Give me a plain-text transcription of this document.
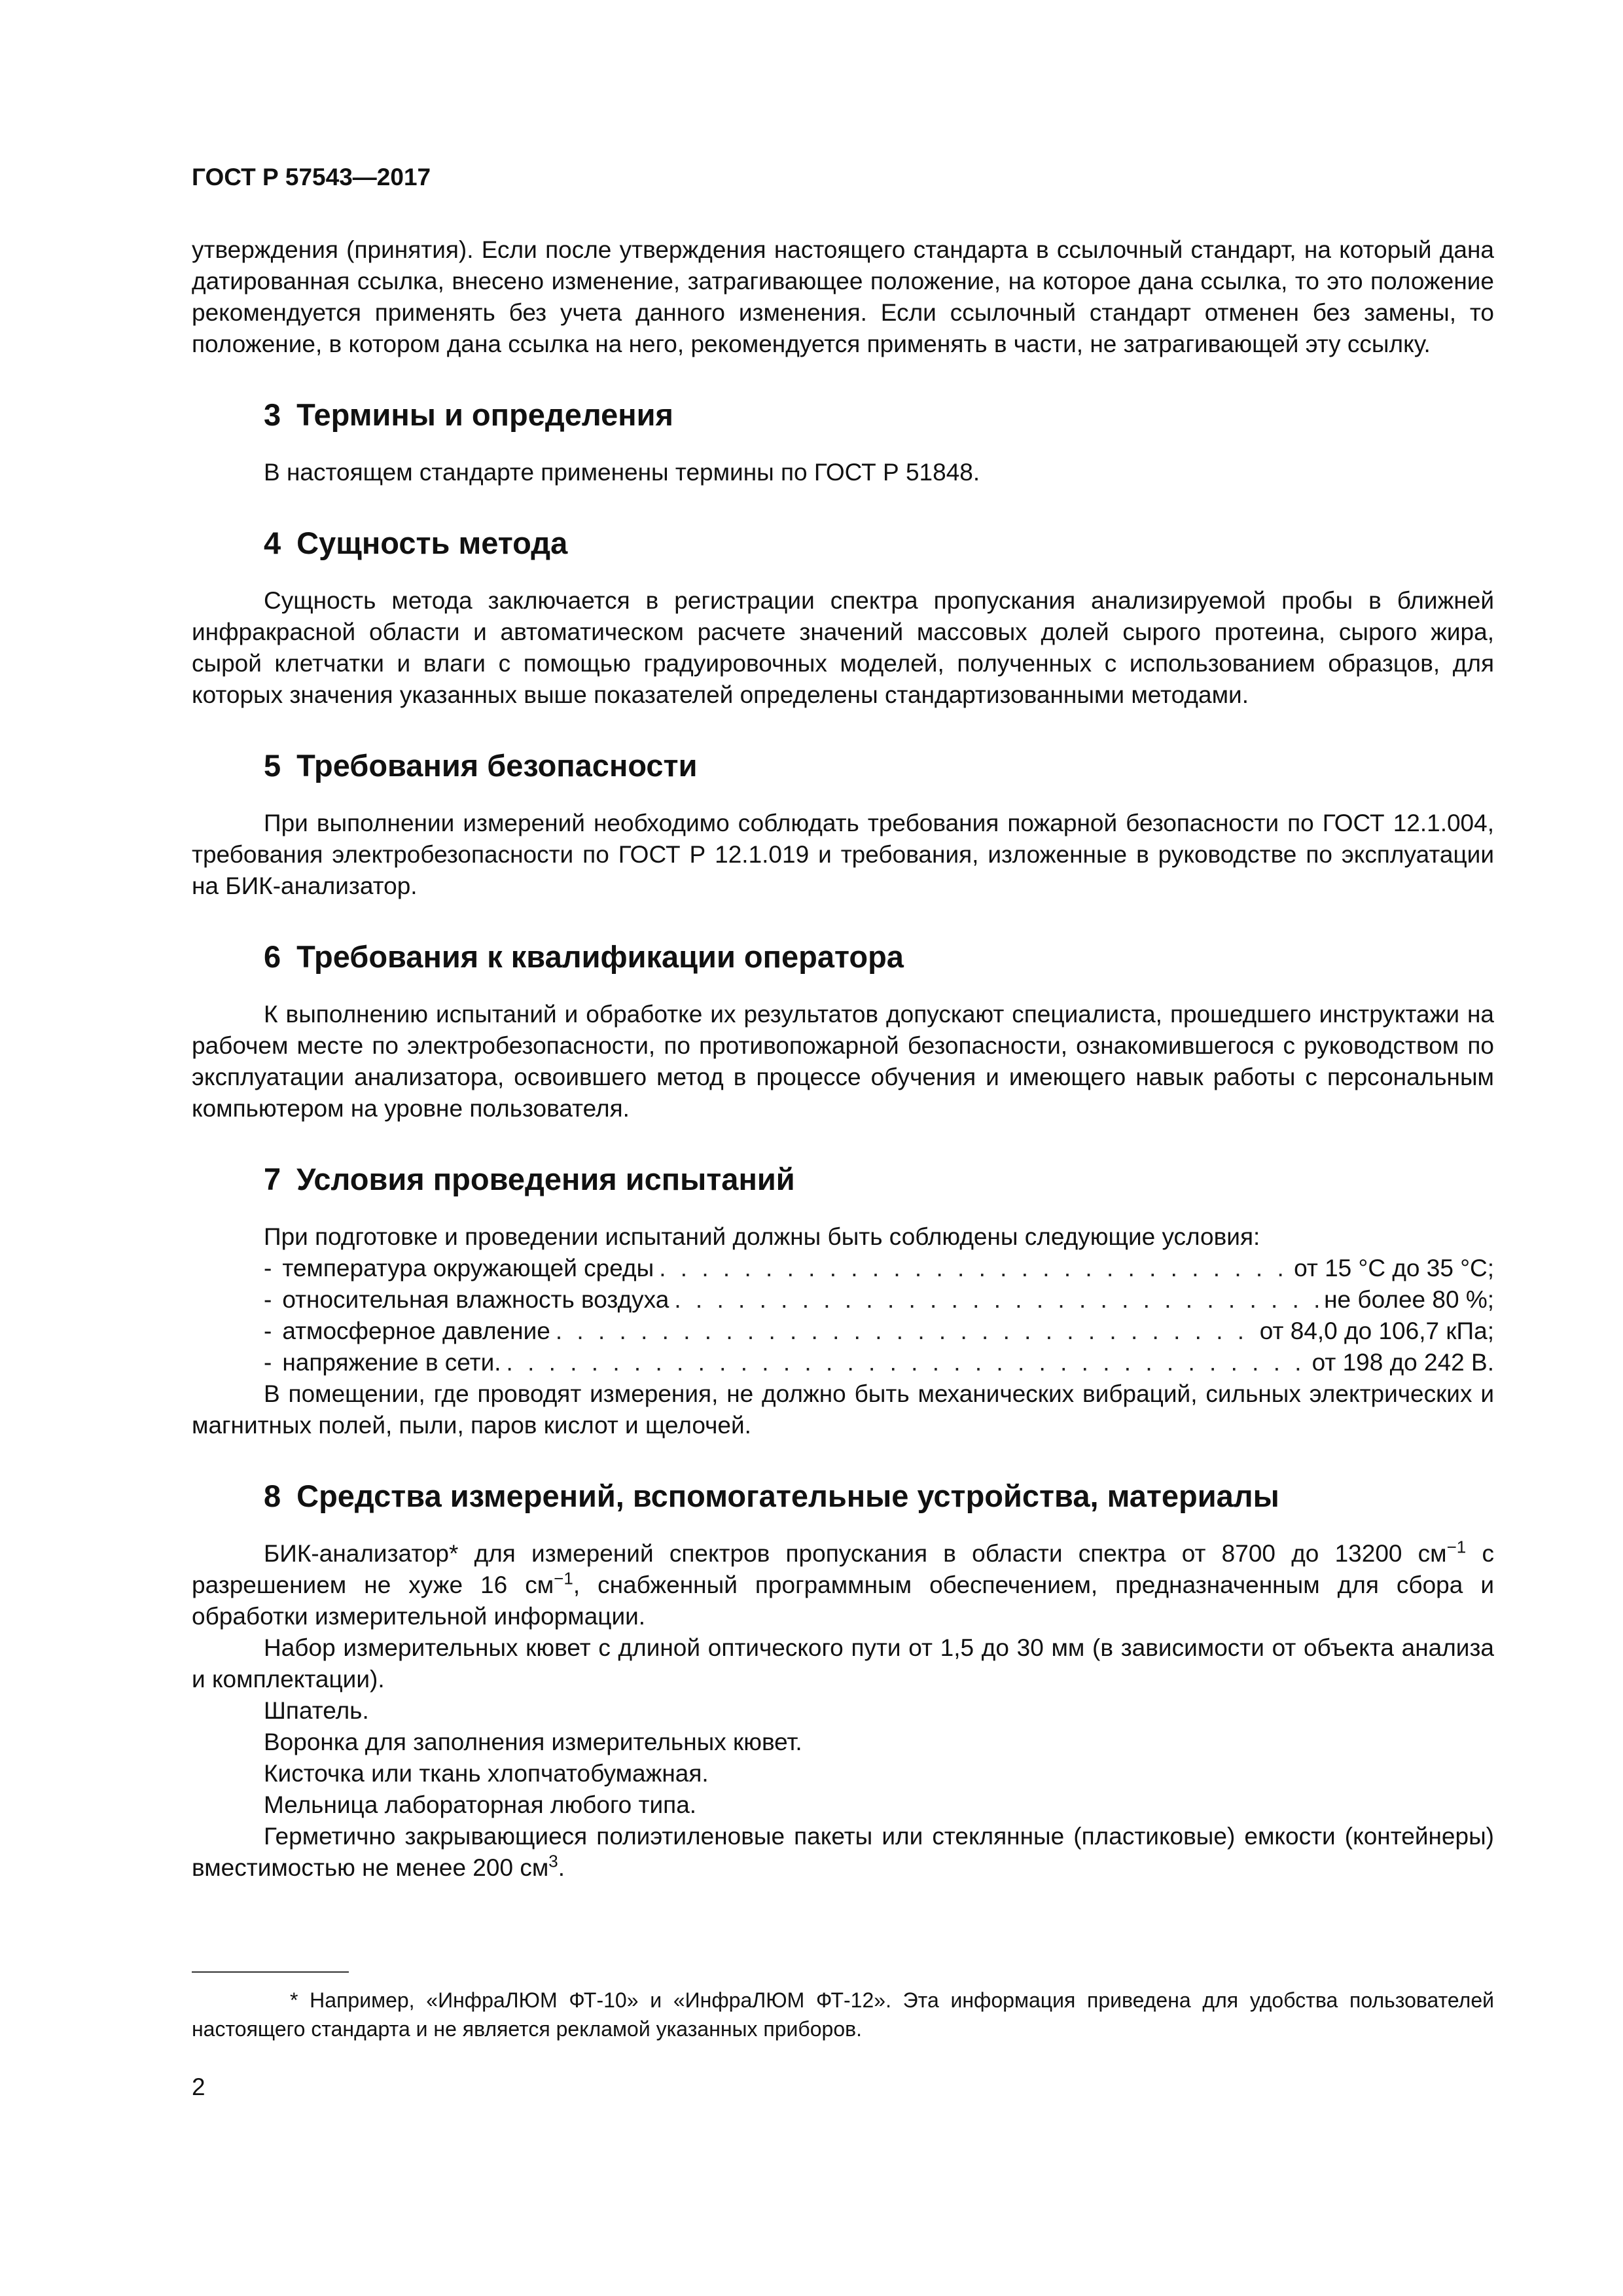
ГОСТ Р 57543—2017

утверждения (принятия). Если после утверждения настоящего стандарта в ссылочный стандарт, на который дана датированная ссылка, внесено изменение, затрагивающее положение, на которое дана ссылка, то это положение рекомендуется применять без учета данного изменения. Если ссылочный стандарт отменен без замены, то положение, в котором дана ссылка на него, рекомендуется применять в части, не затрагивающей эту ссылку.

3 Термины и определения

В настоящем стандарте применены термины по ГОСТ Р 51848.

4 Сущность метода

Сущность метода заключается в регистрации спектра пропускания анализируемой пробы в ближней инфракрасной области и автоматическом расчете значений массовых долей сырого протеина, сырого жира, сырой клетчатки и влаги с помощью градуировочных моделей, полученных с использованием образцов, для которых значения указанных выше показателей определены стандартизованными методами.

5 Требования безопасности

При выполнении измерений необходимо соблюдать требования пожарной безопасности по ГОСТ 12.1.004, требования электробезопасности по ГОСТ Р 12.1.019 и требования, изложенные в руководстве по эксплуатации на БИК-анализатор.

6 Требования к квалификации оператора

К выполнению испытаний и обработке их результатов допускают специалиста, прошедшего инструктажи на рабочем месте по электробезопасности, по противопожарной безопасности, ознакомившегося с руководством по эксплуатации анализатора, освоившего метод в процессе обучения и имеющего навык работы с персональным компьютером на уровне пользователя.

7 Условия проведения испытаний

При подготовке и проведении испытаний должны быть соблюдены следующие условия:

- температура окружающей среды . . .	от 15 °С до 35 °С;
- относительная влажность воздуха . . .	не более 80 %;
- атмосферное давление . . .	от 84,0 до 106,7 кПа;
- напряжение в сети. . . .	от 198 до 242 В.

В помещении, где проводят измерения, не должно быть механических вибраций, сильных электрических и магнитных полей, пыли, паров кислот и щелочей.

8 Средства измерений, вспомогательные устройства, материалы

БИК-анализатор* для измерений спектров пропускания в области спектра от 8700 до 13200 $см^{-1}$ с разрешением не хуже 16 $см^{-1}$, снабженный программным обеспечением, предназначенным для сбора и обработки измерительной информации.

Набор измерительных кювет с длиной оптического пути от 1,5 до 30 мм (в зависимости от объекта анализа и комплектации).

Шпатель.

Воронка для заполнения измерительных кювет.

Кисточка или ткань хлопчатобумажная.

Мельница лабораторная любого типа.

Герметично закрывающиеся полиэтиленовые пакеты или стеклянные (пластиковые) емкости (контейнеры) вместимостью не менее 200 $см^3$.

* Например, «ИнфраЛЮМ ФТ-10» и «ИнфраЛЮМ ФТ-12». Эта информация приведена для удобства пользователей настоящего стандарта и не является рекламой указанных приборов.
2
